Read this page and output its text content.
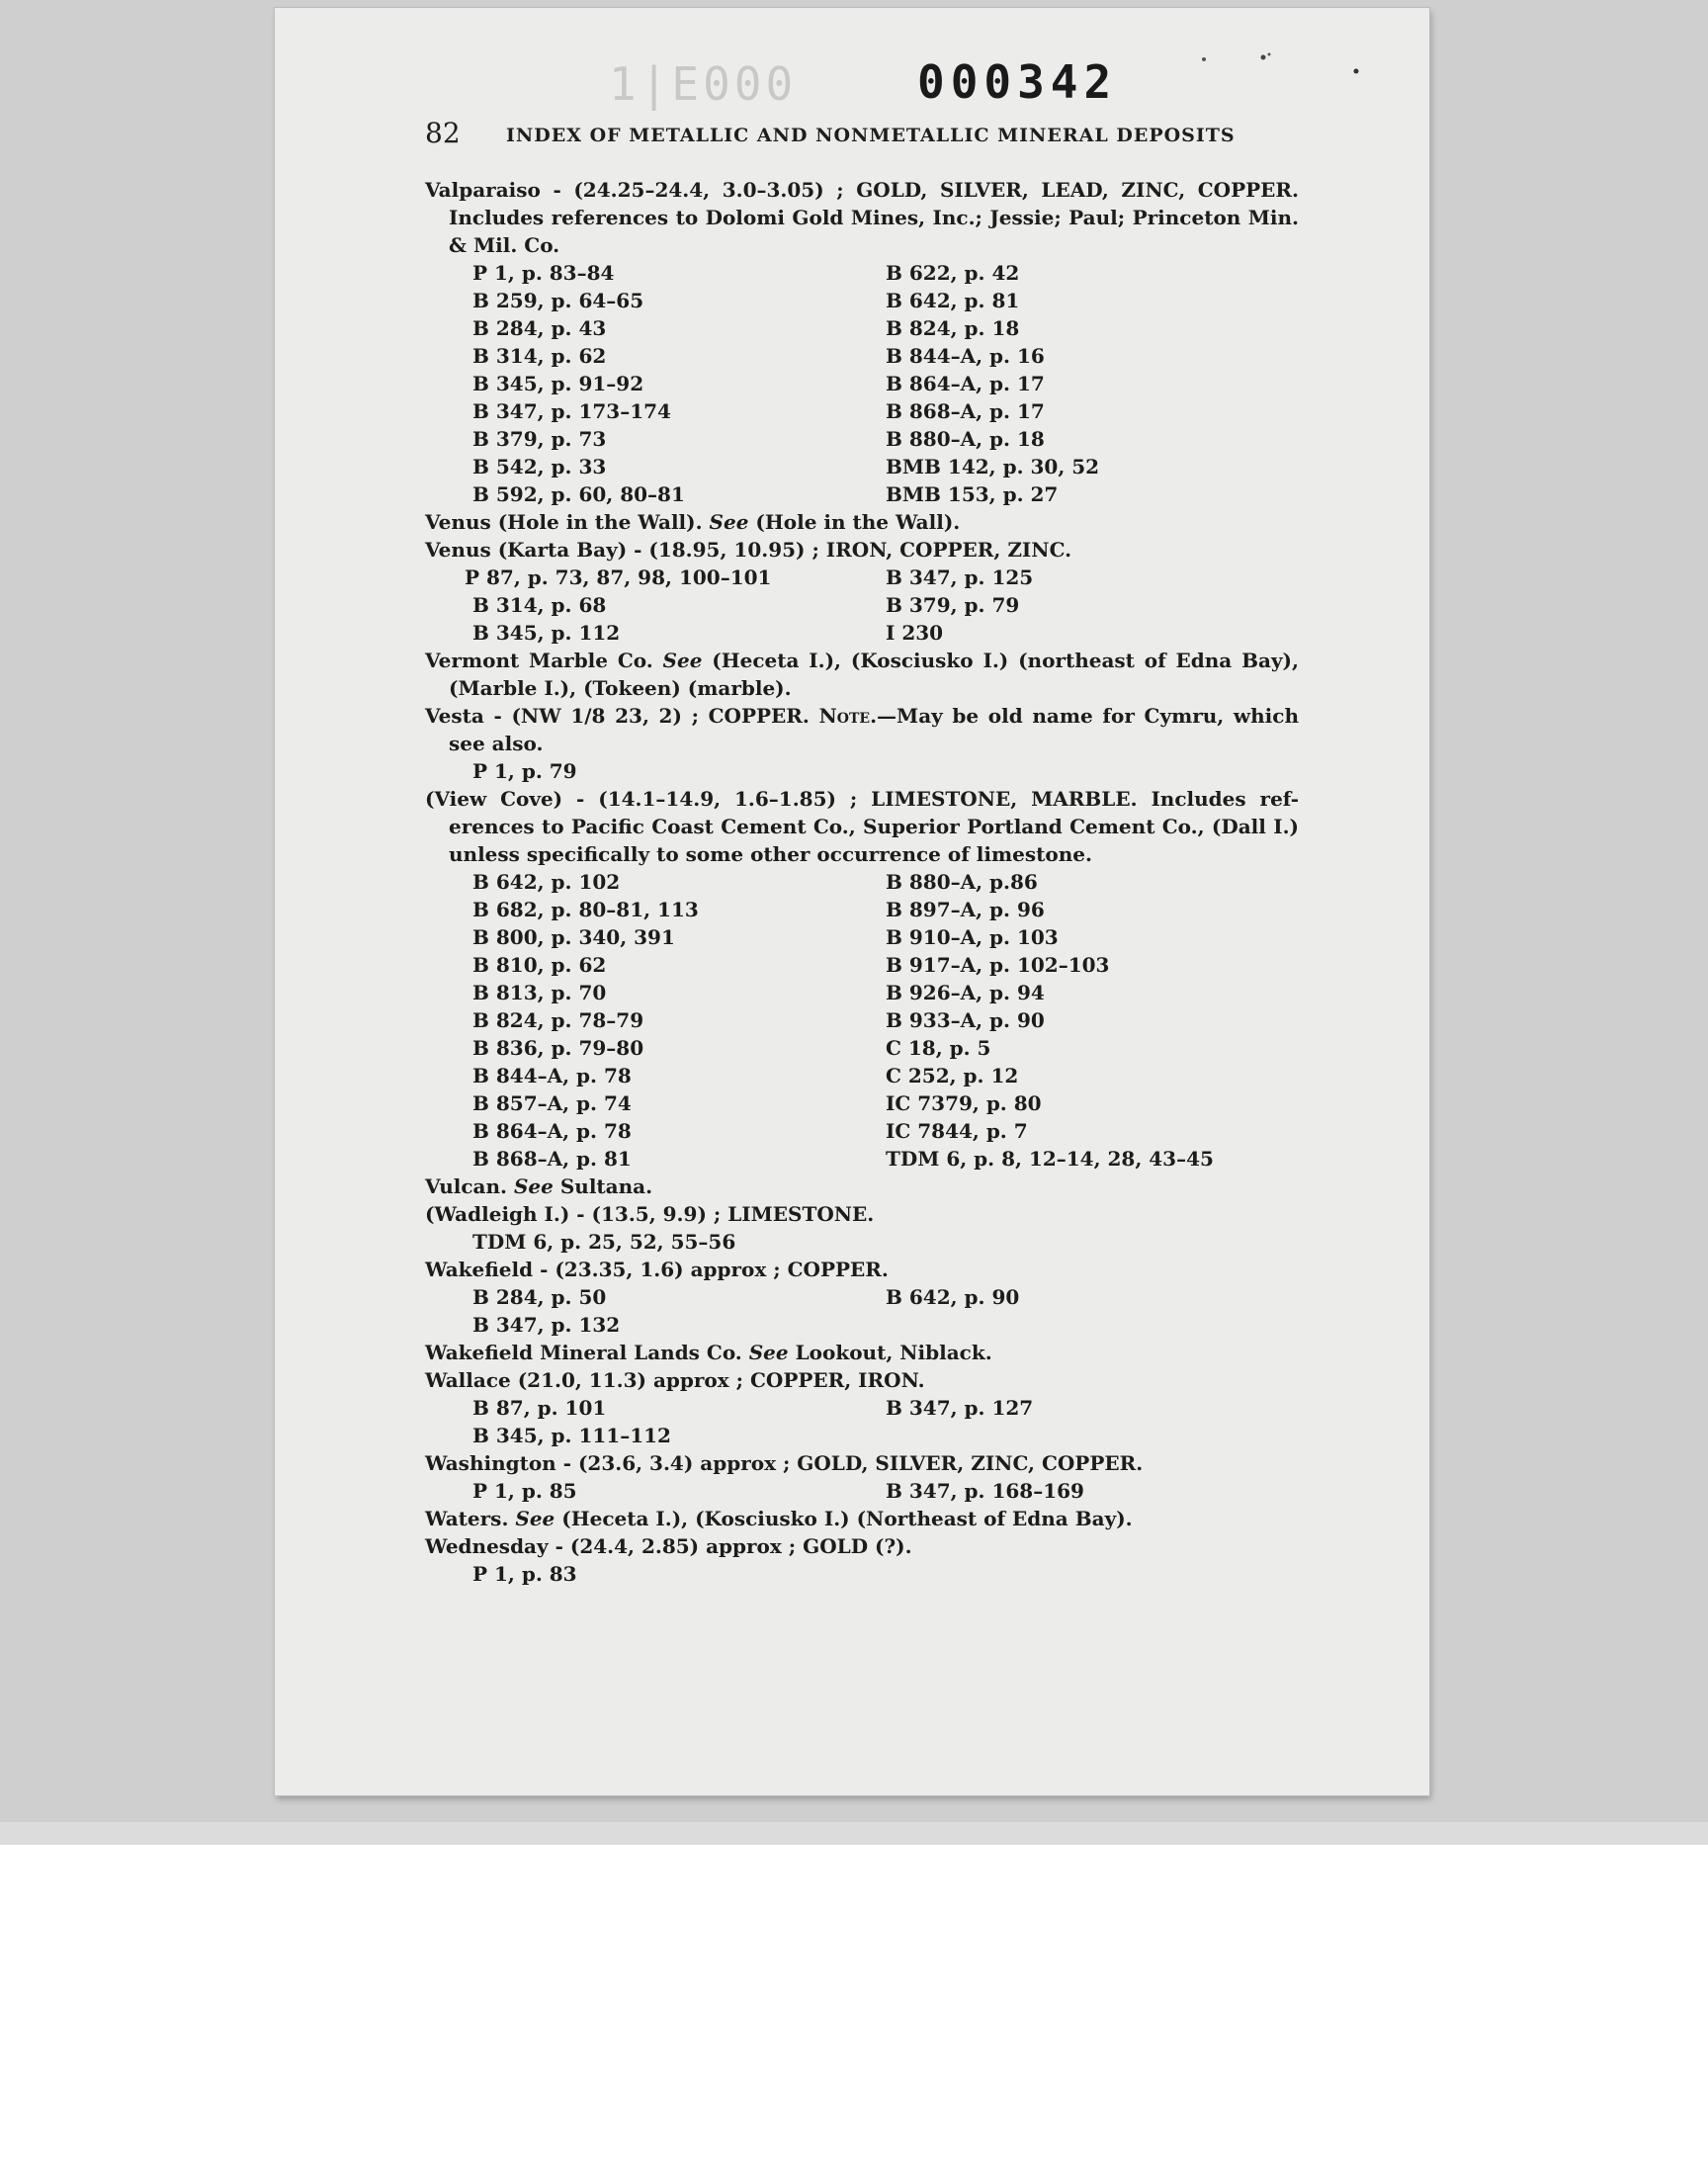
1|E000	000342
82 INDEX OF METALLIC AND NONMETALLIC MINERAL DEPOSITS
Valparaiso - (24.25–24.4, 3.0–3.05) ; GOLD, SILVER, LEAD, ZINC, COPPER.
Includes references to Dolomi Gold Mines, Inc.; Jessie; Paul; Princeton Min.
& Mil. Co.
P 1, p. 83–84	B 622, p. 42
B 259, p. 64–65	B 642, p. 81
B 284, p. 43	B 824, p. 18
B 314, p. 62	B 844–A, p. 16
B 345, p. 91–92	B 864–A, p. 17
B 347, p. 173–174	B 868–A, p. 17
B 379, p. 73	B 880–A, p. 18
B 542, p. 33	BMB 142, p. 30, 52
B 592, p. 60, 80–81	BMB 153, p. 27
Venus (Hole in the Wall). See (Hole in the Wall).
Venus (Karta Bay) - (18.95, 10.95) ; IRON, COPPER, ZINC.
P 87, p. 73, 87, 98, 100–101	B 347, p. 125
B 314, p. 68	B 379, p. 79
B 345, p. 112	I 230
Vermont Marble Co. See (Heceta I.), (Kosciusko I.) (northeast of Edna Bay),
(Marble I.), (Tokeen) (marble).
Vesta - (NW 1/8 23, 2) ; COPPER. Note.—May be old name for Cymru, which
see also.
P 1, p. 79
(View Cove) - (14.1–14.9, 1.6–1.85) ; LIMESTONE, MARBLE. Includes ref-
erences to Pacific Coast Cement Co., Superior Portland Cement Co., (Dall I.)
unless specifically to some other occurrence of limestone.
B 642, p. 102	B 880–A, p.86
B 682, p. 80–81, 113	B 897–A, p. 96
B 800, p. 340, 391	B 910–A, p. 103
B 810, p. 62	B 917–A, p. 102–103
B 813, p. 70	B 926–A, p. 94
B 824, p. 78–79	B 933–A, p. 90
B 836, p. 79–80	C 18, p. 5
B 844–A, p. 78	C 252, p. 12
B 857–A, p. 74	IC 7379, p. 80
B 864–A, p. 78	IC 7844, p. 7
B 868–A, p. 81	TDM 6, p. 8, 12–14, 28, 43–45
Vulcan. See Sultana.
(Wadleigh I.) - (13.5, 9.9) ; LIMESTONE.
TDM 6, p. 25, 52, 55–56
Wakefield - (23.35, 1.6) approx ; COPPER.
B 284, p. 50	B 642, p. 90
B 347, p. 132
Wakefield Mineral Lands Co. See Lookout, Niblack.
Wallace (21.0, 11.3) approx ; COPPER, IRON.
B 87, p. 101	B 347, p. 127
B 345, p. 111–112
Washington - (23.6, 3.4) approx ; GOLD, SILVER, ZINC, COPPER.
P 1, p. 85	B 347, p. 168–169
Waters. See (Heceta I.), (Kosciusko I.) (Northeast of Edna Bay).
Wednesday - (24.4, 2.85) approx ; GOLD (?).
P 1, p. 83
